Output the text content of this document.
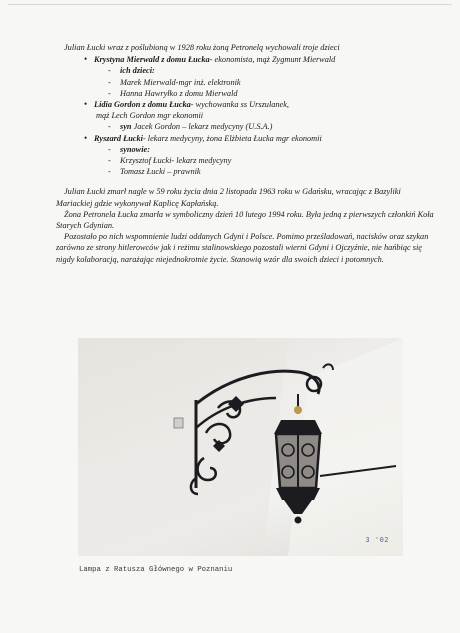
Julian Łucki wraz z poślubioną w 1928 roku żoną Petronelą wychowali troje dzieci

• Krystyna Mierwald z domu Łucka- ekonomista, mąż Zygmunt Mierwald
- ich dzieci:
- Marek Mierwald-mgr inż. elektronik
- Hanna Hawryłko z domu Mierwald
• Lidia Gordon z domu Łucka- wychowanka ss Urszulanek,
mąż Lech Gordon mgr ekonomii
- syn Jacek Gordon – lekarz medycyny (U.S.A.)
• Ryszard Łucki- lekarz medycyny, żona Elżbieta Łucka mgr ekonomii
- synowie:
- Krzysztof Łucki- lekarz medycyny
- Tomasz Łucki – prawnik

Julian Łucki zmarł nagle w 59 roku życia dnia 2 listopada 1963 roku w Gdańsku, wracając z Bazyliki Mariackiej gdzie wykonywał Kaplicę Kapłańską.

Żona Petronela Łucka zmarła w symboliczny dzień 10 lutego 1994 roku. Była jedną z pierwszych członkiń Koła Starych Gdynian.

Pozostało po nich wspomnienie ludzi oddanych Gdyni i Polsce. Pomimo prześladowań, nacisków oraz szykan zarówno ze strony hitlerowców jak i reżimu stalinowskiego pozostali wierni Gdyni i Ojczyźnie, nie hańbiąc się nigdy kolaboracją, narażając niejednokrotnie życie. Stanowią wzór dla swoich dzieci i potomnych.

3 '02
Lampa z Ratusza Głównego w Poznaniu
